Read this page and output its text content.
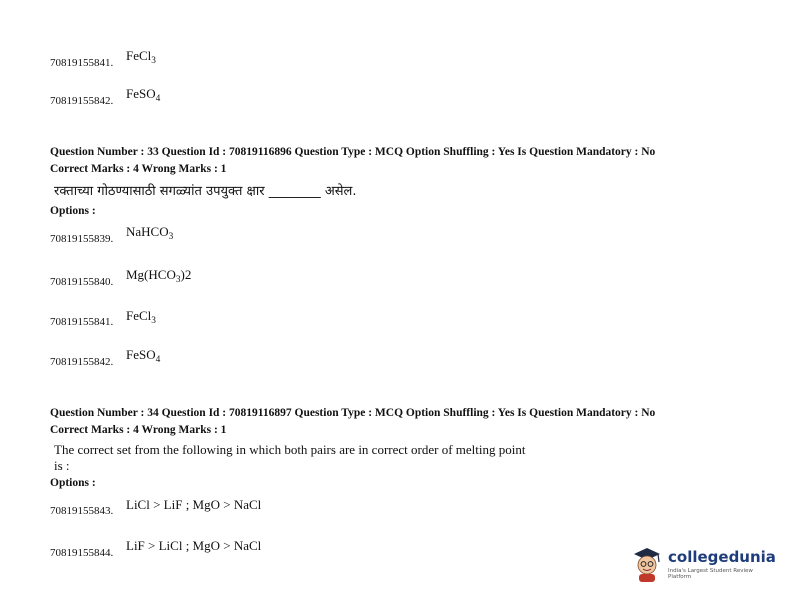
70819155841. FeCl$_3$
70819155842. FeSO$_4$
Question Number : 33 Question Id : 70819116896 Question Type : MCQ Option Shuffling : Yes Is Question Mandatory : No
Correct Marks : 4 Wrong Marks : 1
रक्ताच्या गोठण्यासाठी सगळ्यांत उपयुक्त क्षार ________ असेल.
Options :
70819155839. NaHCO$_3$
70819155840. $Mg(HCO_3)2$
70819155841. FeCl$_3$
70819155842. FeSO$_4$
Question Number : 34 Question Id : 70819116897 Question Type : MCQ Option Shuffling : Yes Is Question Mandatory : No
Correct Marks : 4 Wrong Marks : 1
The correct set from the following in which both pairs are in correct order of melting point
is :
Options :
70819155843. LiCl > LiF ; MgO > NaCl
70819155844. LiF > LiCl ; MgO > NaCl
collegedunia
India's Largest Student Review Platform
